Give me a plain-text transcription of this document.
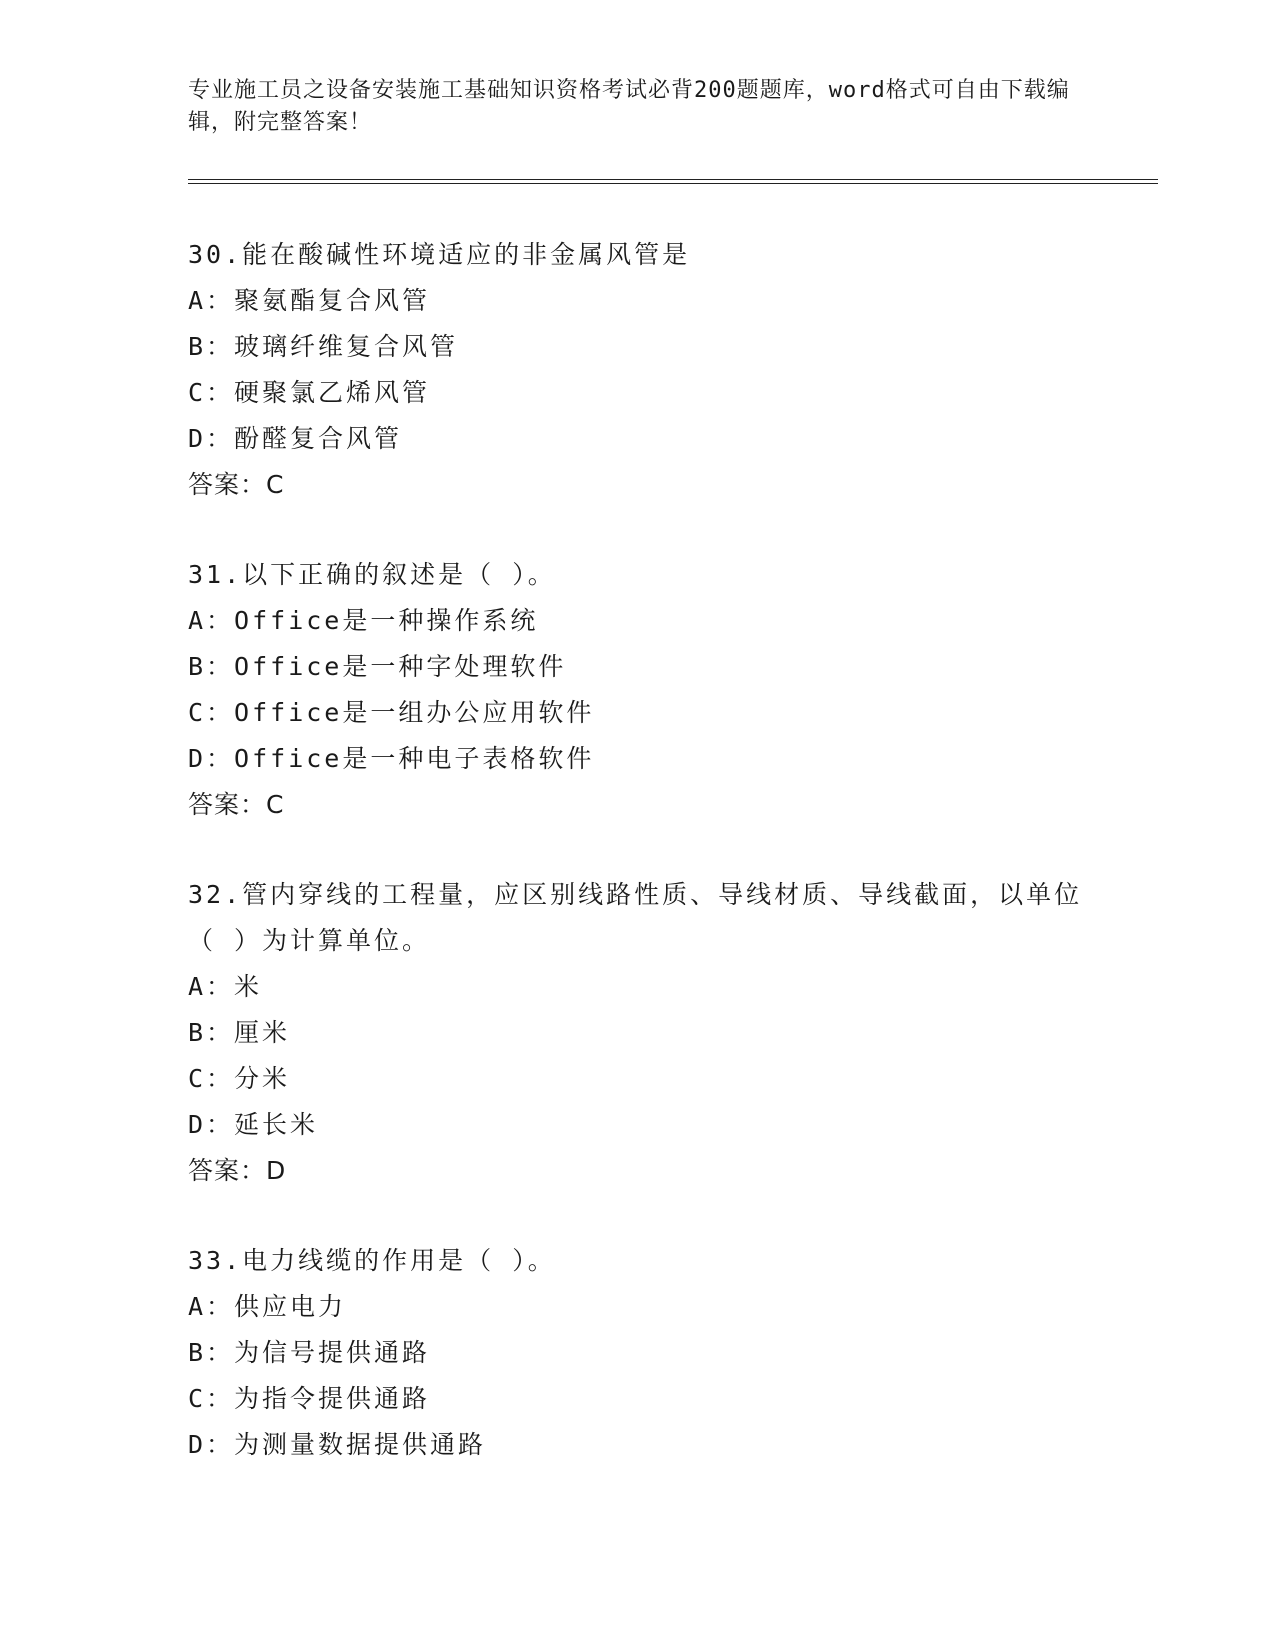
专业施工员之设备安装施工基础知识资格考试必背200题题库，word格式可自由下载编辑，附完整答案！
30.能在酸碱性环境适应的非金属风管是
A：聚氨酯复合风管
B：玻璃纤维复合风管
C：硬聚氯乙烯风管
D：酚醛复合风管
答案：C
31.以下正确的叙述是（ ）。
A：Office是一种操作系统
B：Office是一种字处理软件
C：Office是一组办公应用软件
D：Office是一种电子表格软件
答案：C
32.管内穿线的工程量，应区别线路性质、导线材质、导线截面，以单位（ ）为计算单位。
A：米
B：厘米
C：分米
D：延长米
答案：D
33.电力线缆的作用是（ ）。
A：供应电力
B：为信号提供通路
C：为指令提供通路
D：为测量数据提供通路
